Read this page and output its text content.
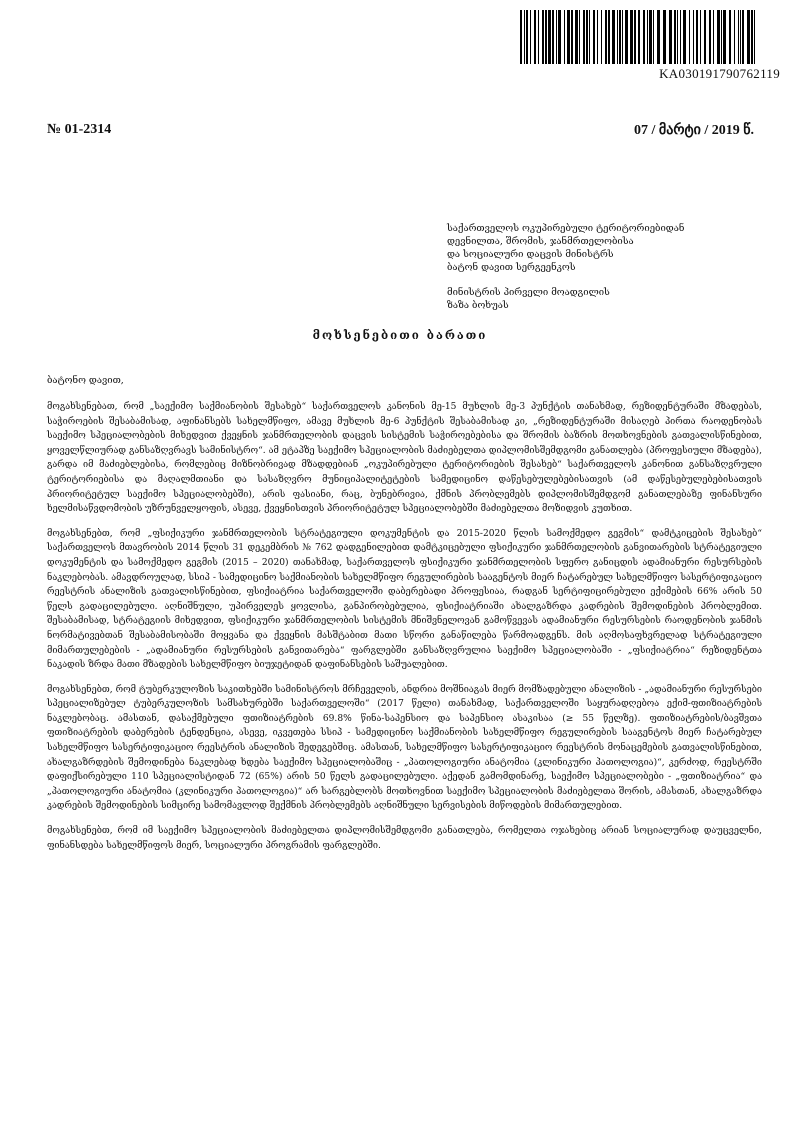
KA030191790762119
№ 01-2314	07 / მარტი / 2019 წ.
საქართველოს ოკუპირებული ტერიტორიებიდან
დევნილთა, შრომის, ჯანმრთელობისა
და სოციალური დაცვის მინისტრს
ბატონ დავით სერგეენკოს
მინისტრის პირველი მოადგილის
ზაზა ბოხუას
მოხსენებითი ბარათი
ბატონო დავით,

მოგახსენებათ, რომ „საექიმო საქმიანობის შესახებ“ საქართველოს კანონის მე-15 მუხლის მე-3 პუნქტის თანახმად, რეზიდენტურაში მზადებას, საჭიროების შესაბამისად, აფინანსებს სახელმწიფო, ამავე მუხლის მე-6 პუნქტის შესაბამისად კი, „რეზიდენტურაში მისაღებ პირთა რაოდენობას საექიმო სპეციალობების მიხედვით ქვეყნის ჯანმრთელობის დაცვის სისტემის საჭიროებებისა და შრომის ბაზრის მოთხოვნების გათვალისწინებით, ყოველწლიურად განსაზღვრავს სამინისტრო“. ამ ეტაპზე საექიმო სპეციალობის მაძიებელთა დიპლომისშემდგომი განათლება (პროფესიული მზადება), გარდა იმ მაძიებლებისა, რომლებიც მიზნობრივად მზადდებიან „ოკუპირებული ტერიტორიების შესახებ“ საქართველოს კანონით განსაზღვრული ტერიტორიებისა და მაღალმთიანი და სასაზღვრო მუნიციპალიტეტების სამედიცინო დაწესებულებებისათვის (ამ დაწესებულებებისათვის პრიორიტეტულ საექიმო სპეციალობებში), არის ფასიანი, რაც, ბუნებრივია, ქმნის პრობლემებს დიპლომისშემდგომ განათლებაზე ფინანსური ხელმისაწვდომობის უზრუნველყოფის, ასევე, ქვეყნისთვის პრიორიტეტულ სპეციალობებში მაძიებელთა მოზიდვის კუთხით.

მოგახსენებთ, რომ „ფსიქიკური ჯანმრთელობის სტრატეგიული დოკუმენტის და 2015-2020 წლის სამოქმედო გეგმის“ დამტკიცების შესახებ“ საქართველოს მთავრობის 2014 წლის 31 დეკემბრის № 762 დადგენილებით დამტკიცებული ფსიქიკური ჯანმრთელობის განვითარების სტრატეგიული დოკუმენტის და სამოქმედო გეგმის (2015 – 2020) თანახმად, საქართველოს ფსიქიკური ჯანმრთელობის სფერო განიცდის ადამიანური რესურსების ნაკლებობას. ამავდროულად, სსიპ - სამედიცინო საქმიანობის სახელმწიფო რეგულირების სააგენტოს მიერ ჩატარებულ სახელმწიფო სასერტიფიკაციო რეესტრის ანალიზის გათვალისწინებით, ფსიქიატრია საქართველოში დაბერებადი პროფესიაა, რადგან სერტიფიცირებული ექიმების 66% არის 50 წელს გადაცილებული. აღნიშნული, უპირველეს ყოვლისა, განპირობებულია, ფსიქიატრიაში ახალგაზრდა კადრების შემოდინების პრობლემით. შესაბამისად, სტრატეგიის მიხედვით, ფსიქიკური ჯანმრთელობის სისტემის მნიშვნელოვან გამოწვევას ადამიანური რესურსების რაოდენობის ჯანმის ნორმატივებთან შესაბამისობაში მოყვანა და ქვეყნის მასშტაბით მათი სწორი განაწილება წარმოადგენს. მის აღმოსაფხვრელად სტრატეგიული მიმართულებების - „ადამიანური რესურსების განვითარება“ ფარგლებში განსაზღვრულია საექიმო სპეციალობაში - „ფსიქიატრია“ რეზიდენტთა ნაკადის ზრდა მათი მზადების სახელმწიფო ბიუჯეტიდან დაფინანსების საშუალებით.

მოგახსენებთ, რომ ტუბერკულოზის საკითხებში სამინისტროს მრჩეველის, ანდრია მოშნიაგას მიერ მომზადებული ანალიზის - „ადამიანური რესურსები სპეციალიზებულ ტუბერკულოზის სამსახურებში საქართველოში“ (2017 წელი) თანახმად, საქართველოში საყურადღებოა ექიმ-ფთიზიატრების ნაკლებობაც. ამასთან, დასაქმებული ფთიზიატრების 69.8% წინა-საპენსიო და საპენსიო ასაკისაა (≥ 55 წელზე). ფთიზიატრების/ბავშვთა ფთიზიატრების დაბერების ტენდენცია, ასევე, იკვეთება სსიპ - სამედიცინო საქმიანობის სახელმწიფო რეგულირების სააგენტოს მიერ ჩატარებულ სახელმწიფო სასერტიფიკაციო რეესტრის ანალიზის შედეგებშიც. ამასთან, სახელმწიფო სასერტიფიკაციო რეესტრის მონაცემების გათვალისწინებით, ახალგაზრდების შემოდინება ნაკლებად ხდება საექიმო სპეციალობაშიც - „პათოლოგიური ანატომია (კლინიკური პათოლოგია)“, კერძოდ, რეესტრში დაფიქსირებული 110 სპეციალისტიდან 72 (65%) არის 50 წელს გადაცილებული. აქედან გამომდინარე, საექიმო სპეციალობები - „ფთიზიატრია“ და „პათოლოგიური ანატომია (კლინიკური პათოლოგია)“ არ სარგებლობს მოთხოვნით საექიმო სპეციალობის მაძიებელთა შორის, ამასთან, ახალგაზრდა კადრების შემოდინების სიმცირე სამომავლოდ შექმნის პრობლემებს აღნიშნული სერვისების მიწოდების მიმართულებით.

მოგახსენებთ, რომ იმ საექიმო სპეციალობის მაძიებელთა დიპლომისშემდგომი განათლება, რომელთა ოჯახებიც არიან სოციალურად დაუცველნი, ფინანსდება სახელმწიფოს მიერ, სოციალური პროგრამის ფარგლებში.
